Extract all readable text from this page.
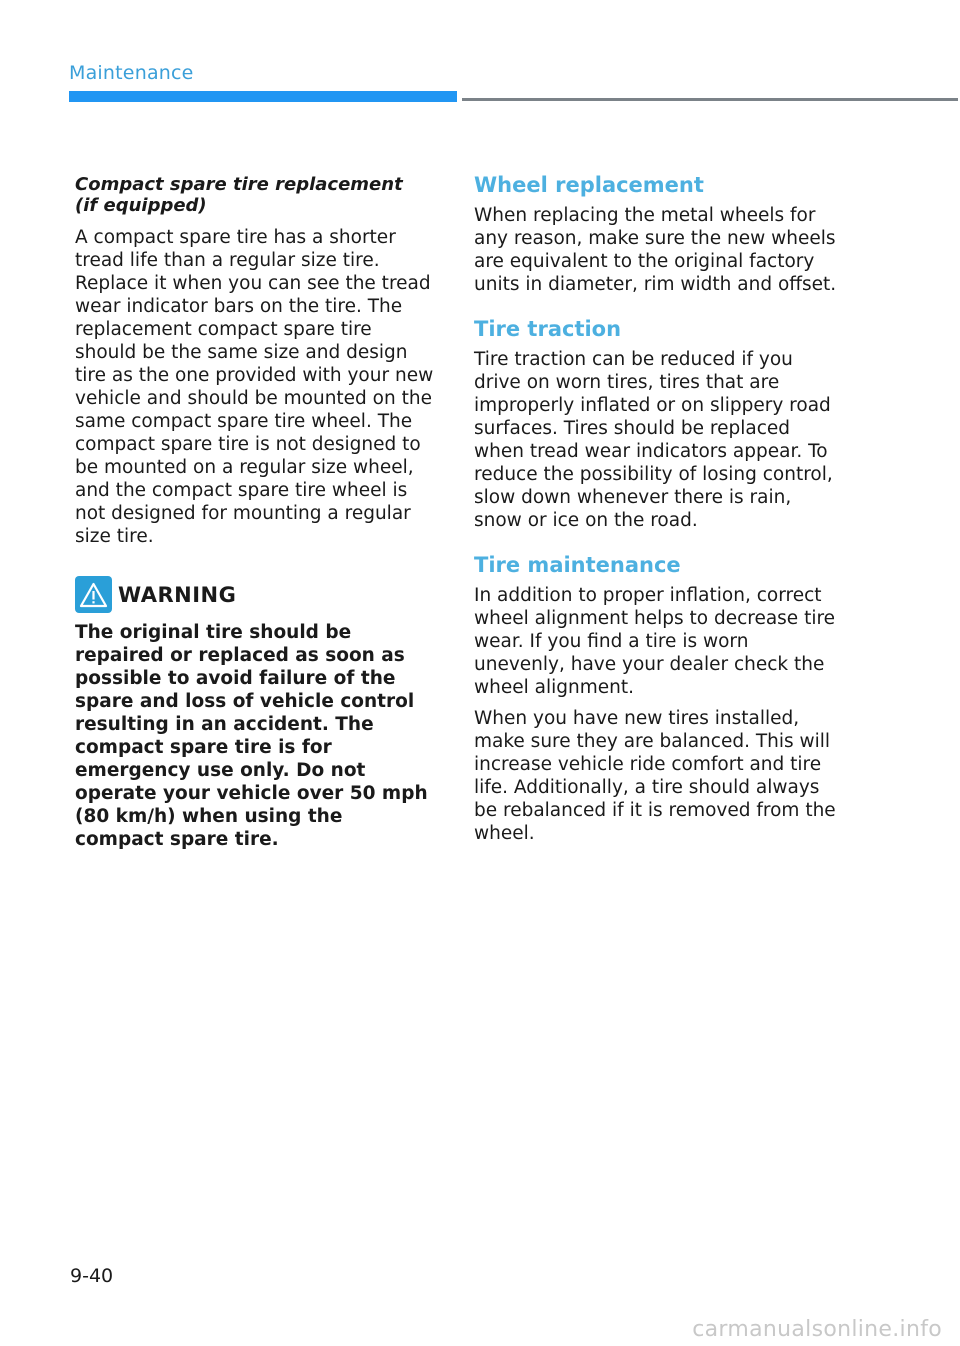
Maintenance
Compact spare tire replacement
(if equipped)

A compact spare tire has a shorter tread life than a regular size tire. Replace it when you can see the tread wear indicator bars on the tire. The replacement compact spare tire should be the same size and design tire as the one provided with your new vehicle and should be mounted on the same compact spare tire wheel. The compact spare tire is not designed to be mounted on a regular size wheel, and the compact spare tire wheel is not designed for mounting a regular size tire.

WARNING

The original tire should be repaired or replaced as soon as possible to avoid failure of the spare and loss of vehicle control resulting in an accident. The compact spare tire is for emergency use only. Do not operate your vehicle over 50 mph (80 km/h) when using the compact spare tire.

Wheel replacement

When replacing the metal wheels for any reason, make sure the new wheels are equivalent to the original factory units in diameter, rim width and offset.

Tire traction

Tire traction can be reduced if you drive on worn tires, tires that are improperly inflated or on slippery road surfaces. Tires should be replaced when tread wear indicators appear. To reduce the possibility of losing control, slow down whenever there is rain, snow or ice on the road.

Tire maintenance

In addition to proper inflation, correct wheel alignment helps to decrease tire wear. If you find a tire is worn unevenly, have your dealer check the wheel alignment.

When you have new tires installed, make sure they are balanced. This will increase vehicle ride comfort and tire life. Additionally, a tire should always be rebalanced if it is removed from the wheel.

9-40
carmanualsonline.info
